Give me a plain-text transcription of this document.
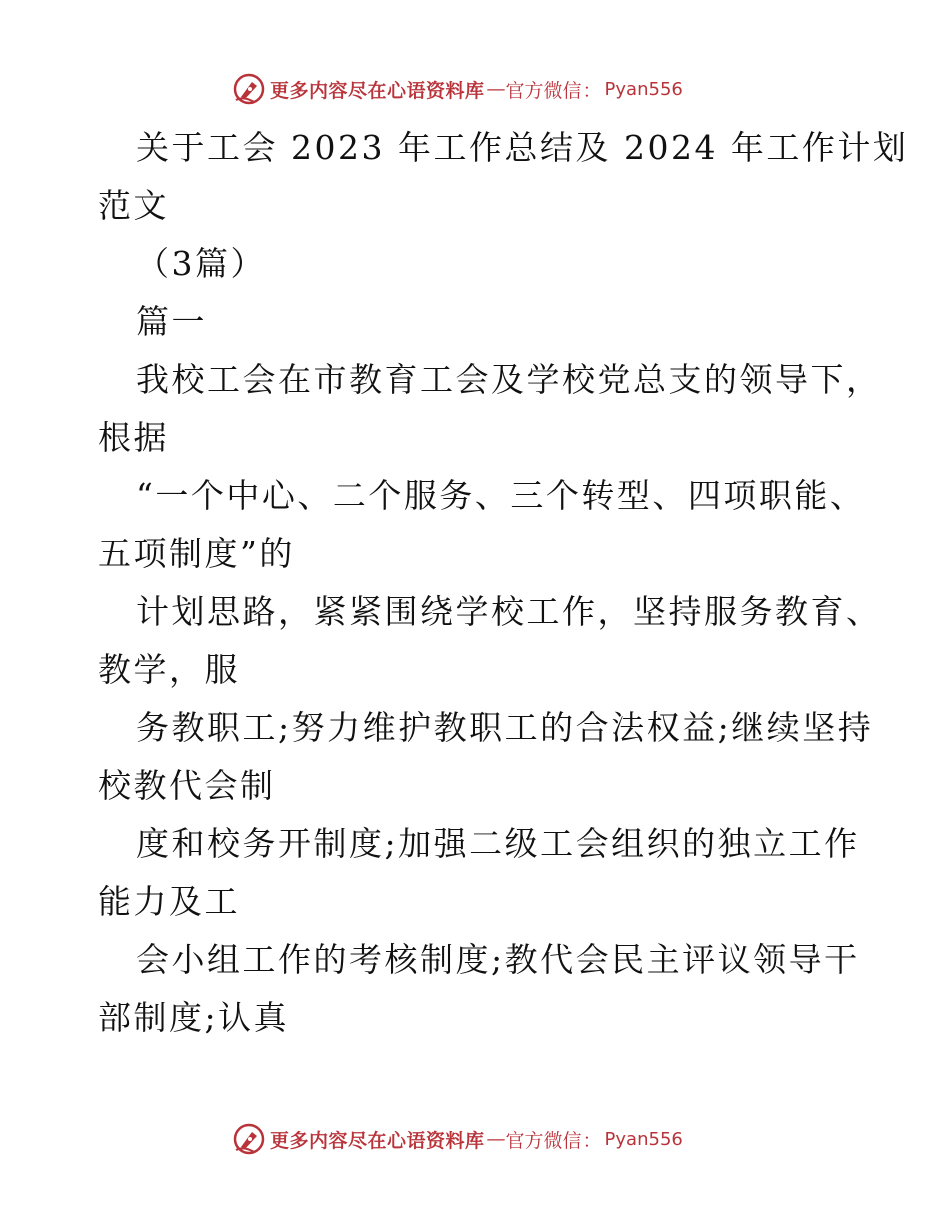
更多内容尽在心语资料库 — 官方微信 ： Pyan556
关于工会 2023 年工作总结及 2024 年工作计划
范文
（3篇）
篇一
我校工会在市教育工会及学校党总支的领导下，
根据
“一个中心、二个服务、三个转型、四项职能、
五项制度”的
计划思路，紧紧围绕学校工作，坚持服务教育、
教学，服
务教职工;努力维护教职工的合法权益;继续坚持
校教代会制
度和校务开制度;加强二级工会组织的独立工作
能力及工
会小组工作的考核制度;教代会民主评议领导干
部制度;认真
更多内容尽在心语资料库 — 官方微信 ： Pyan556
